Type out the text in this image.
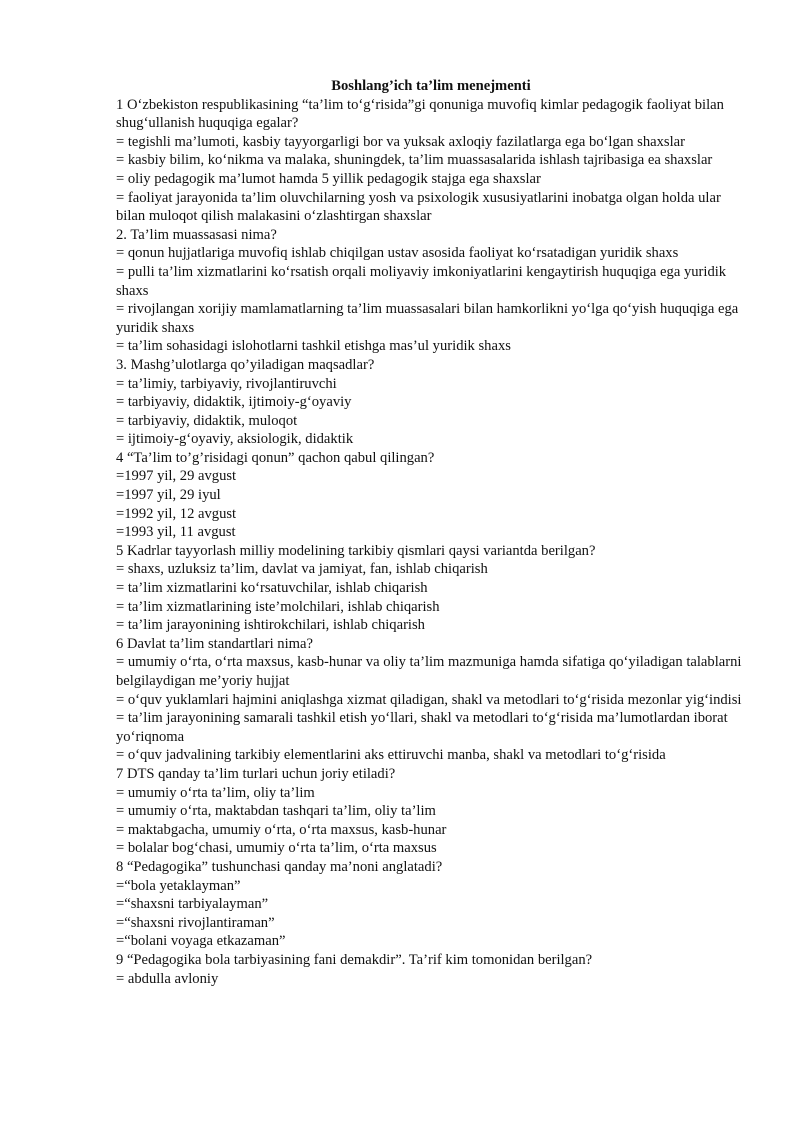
Boshlang’ich ta’lim menejmenti

1 O‘zbekiston respublikasining “ta’lim to‘g‘risida”gi qonuniga muvofiq kimlar pedagogik faoliyat bilan shug‘ullanish huquqiga egalar?

= tegishli ma’lumoti, kasbiy tayyorgarligi bor va yuksak axloqiy fazilatlarga ega bo‘lgan shaxslar

= kasbiy bilim, ko‘nikma va malaka, shuningdek, ta’lim muassasalarida ishlash tajribasiga ea shaxslar

= oliy pedagogik ma’lumot hamda 5 yillik pedagogik stajga ega shaxslar

= faoliyat jarayonida ta’lim oluvchilarning yosh va psixologik xususiyatlarini inobatga olgan holda ular bilan muloqot qilish malakasini o‘zlashtirgan shaxslar

2. Ta’lim muassasasi nima?

= qonun hujjatlariga muvofiq ishlab chiqilgan ustav asosida faoliyat ko‘rsatadigan yuridik shaxs

= pulli ta’lim xizmatlarini ko‘rsatish orqali moliyaviy imkoniyatlarini kengaytirish huquqiga ega yuridik shaxs

= rivojlangan xorijiy mamlamatlarning ta’lim muassasalari bilan hamkorlikni yo‘lga qo‘yish huquqiga ega yuridik shaxs

= ta’lim sohasidagi islohotlarni tashkil etishga mas’ul yuridik shaxs

3. Mashg’ulotlarga qo’yiladigan maqsadlar?

= ta’limiy, tarbiyaviy, rivojlantiruvchi

= tarbiyaviy, didaktik, ijtimoiy-g‘oyaviy

= tarbiyaviy, didaktik, muloqot

= ijtimoiy-g‘oyaviy, aksiologik, didaktik

4 “Ta’lim to’g’risidagi qonun” qachon qabul qilingan?

=1997 yil, 29 avgust

=1997 yil, 29 iyul

=1992 yil, 12 avgust

=1993 yil, 11 avgust

5 Kadrlar tayyorlash milliy modelining tarkibiy qismlari qaysi variantda berilgan?

= shaxs, uzluksiz ta’lim, davlat va jamiyat, fan, ishlab chiqarish

= ta’lim xizmatlarini ko‘rsatuvchilar, ishlab chiqarish

= ta’lim xizmatlarining iste’molchilari, ishlab chiqarish

= ta’lim jarayonining ishtirokchilari, ishlab chiqarish

6 Davlat ta’lim standartlari nima?

= umumiy o‘rta, o‘rta maxsus, kasb-hunar va oliy ta’lim mazmuniga hamda sifatiga qo‘yiladigan talablarni belgilaydigan me’yoriy hujjat

= o‘quv yuklamlari hajmini aniqlashga xizmat qiladigan, shakl va metodlari to‘g‘risida mezonlar yig‘indisi

= ta’lim jarayonining samarali tashkil etish yo‘llari, shakl va metodlari to‘g‘risida ma’lumotlardan iborat yo‘riqnoma

= o‘quv jadvalining tarkibiy elementlarini aks ettiruvchi manba, shakl va metodlari to‘g‘risida

7 DTS qanday ta’lim turlari uchun joriy etiladi?

= umumiy o‘rta ta’lim, oliy ta’lim

= umumiy o‘rta, maktabdan tashqari ta’lim, oliy ta’lim

= maktabgacha, umumiy o‘rta, o‘rta maxsus, kasb-hunar

= bolalar bog‘chasi, umumiy o‘rta ta’lim, o‘rta maxsus

8 “Pedagogika” tushunchasi qanday ma’noni anglatadi?

=“bola yetaklayman”

=“shaxsni tarbiyalayman”

=“shaxsni rivojlantiraman”

=“bolani voyaga etkazaman”

9 “Pedagogika bola tarbiyasining fani demakdir”. Ta’rif kim tomonidan berilgan?

= abdulla avloniy
